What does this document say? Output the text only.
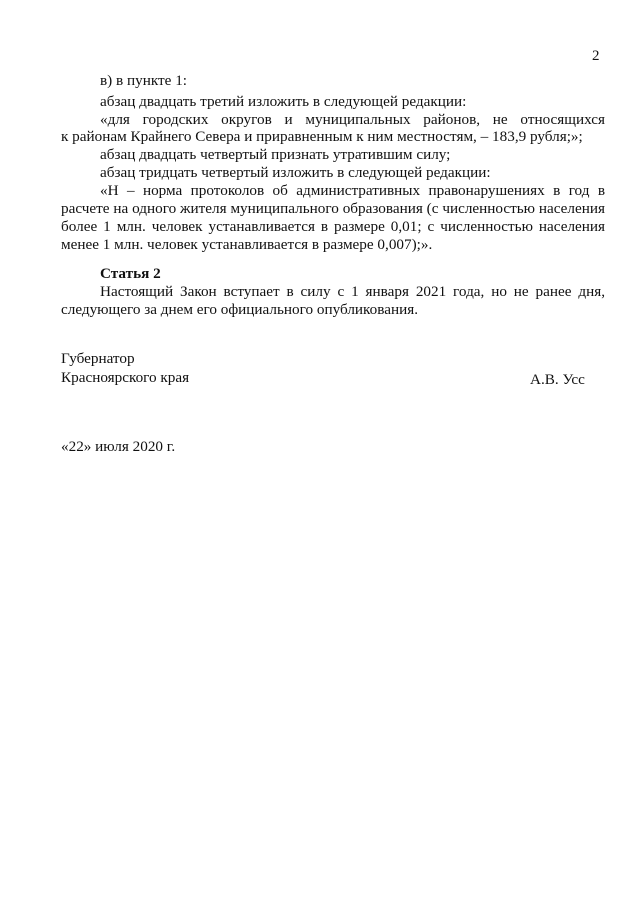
2
в) в пункте 1:
абзац двадцать третий изложить в следующей редакции:
«для городских округов и муниципальных районов, не относящихся
к районам Крайнего Севера и приравненным к ним местностям, – 183,9 рубля;»;
абзац двадцать четвертый признать утратившим силу;
абзац тридцать четвертый изложить в следующей редакции:
«Н – норма протоколов об административных правонарушениях в год в
расчете на одного жителя муниципального образования (с численностью населения
более 1 млн. человек устанавливается в размере 0,01; с численностью населения
менее 1 млн. человек устанавливается в размере 0,007);».
Статья 2
Настоящий Закон вступает в силу с 1 января 2021 года, но не ранее дня,
следующего за днем его официального опубликования.
Губернатор
Красноярского края	А.В. Усс
«22» июля 2020 г.
